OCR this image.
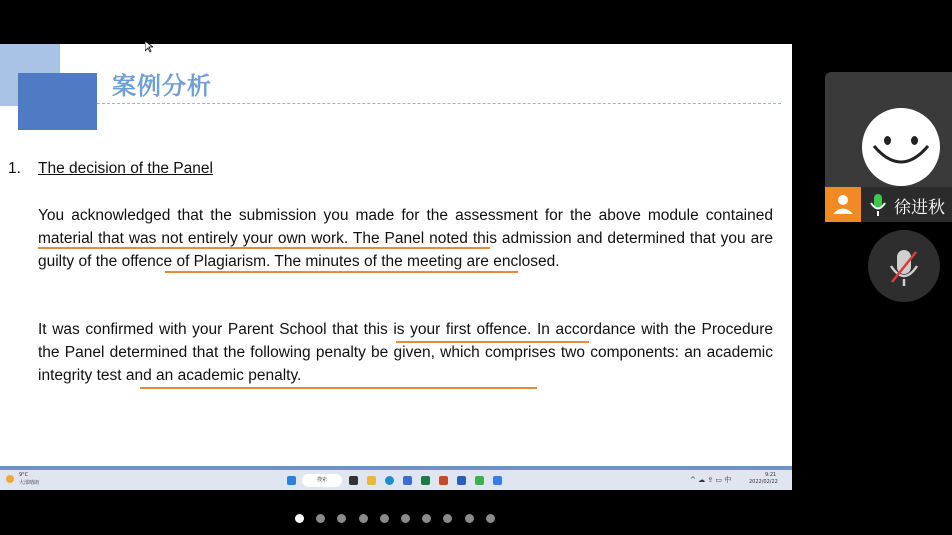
案例分析
1. The decision of the Panel

You acknowledged that the submission you made for the assessment for the above module contained material that was not entirely your own work. The Panel noted this admission and determined that you are guilty of the offence of Plagiarism. The minutes of the meeting are enclosed.

It was confirmed with your Parent School that this is your first offence. In accordance with the Procedure the Panel determined that the following penalty be given, which comprises two components: an academic integrity test and an academic penalty.

9°C
大部晴朗	搜索	^ ☁ ⇪ ▭ 中
9:21
2022/02/22
徐进秋
